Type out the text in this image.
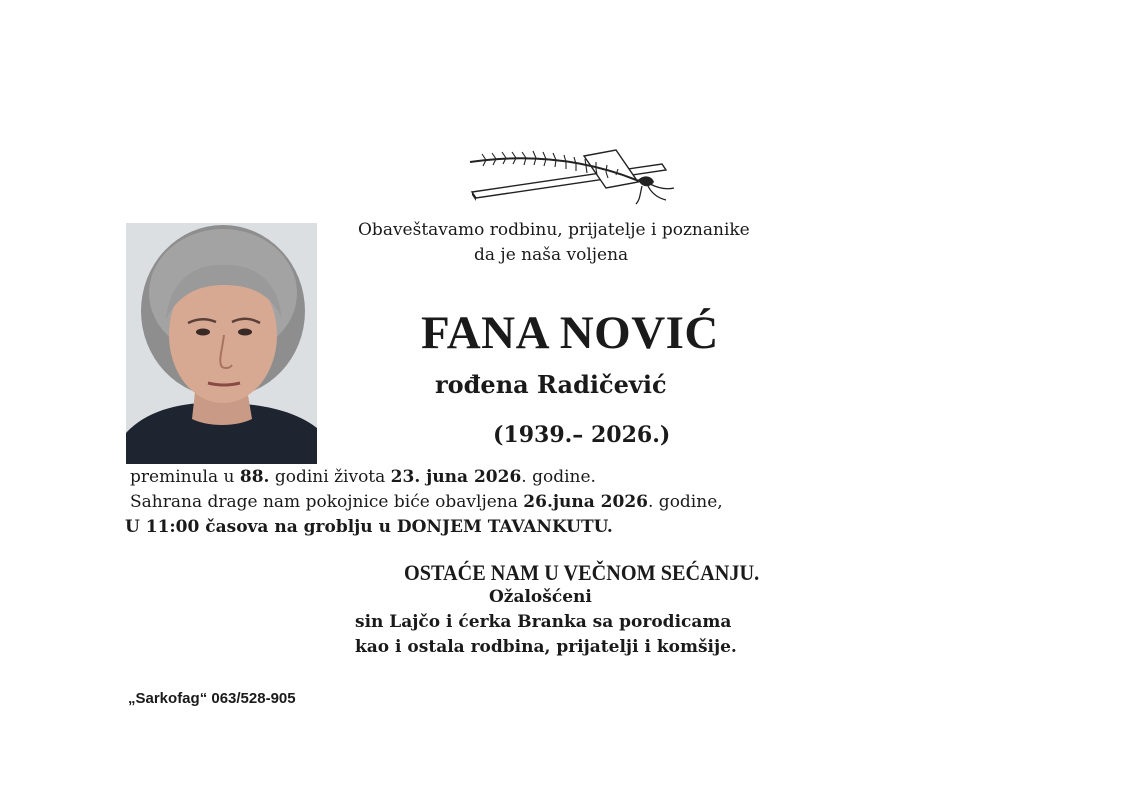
Obaveštavamo rodbinu, prijatelje i poznanike
da je naša voljena
FANA NOVIĆ
rođena Radičević
(1939.– 2026.)
preminula u 88. godini života 23. juna 2026. godine.
Sahrana drage nam pokojnice biće obavljena 26.juna 2026. godine,
U 11:00 časova na groblju u DONJEM TAVANKUTU.
OSTAĆE NAM U VEČNOM SEĆANJU.
Ožalošćeni
sin Lajčo i ćerka Branka sa porodicama
kao i ostala rodbina, prijatelji i komšije.
„Sarkofag“ 063/528-905
